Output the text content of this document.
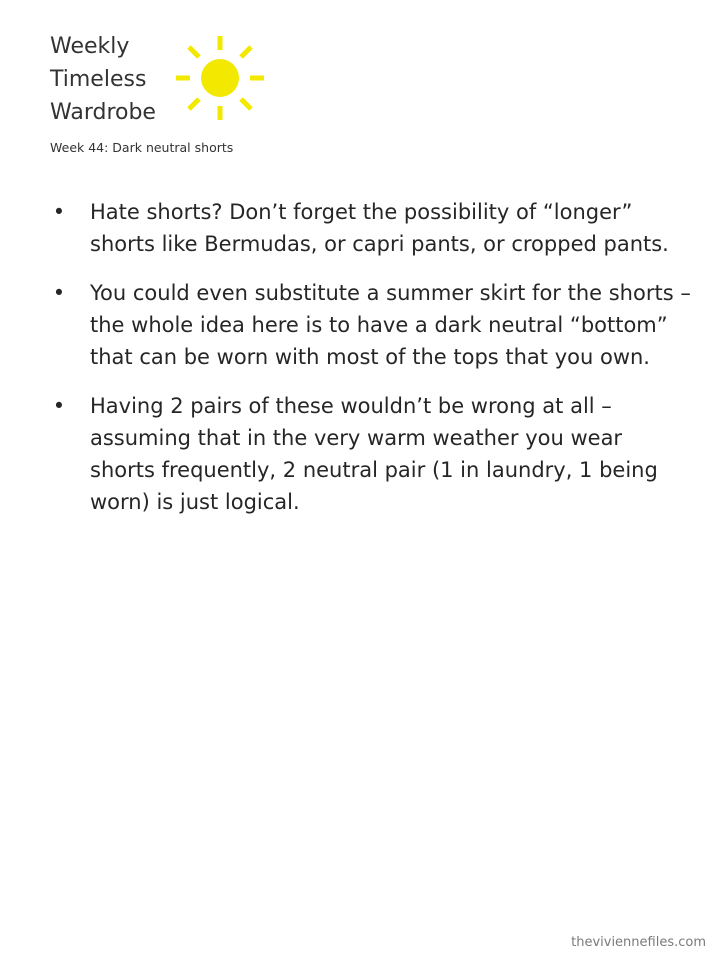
Weekly
Timeless
Wardrobe
Week 44: Dark neutral shorts
• Hate shorts? Don’t forget the possibility of “longer” shorts like Bermudas, or capri pants, or cropped pants.
• You could even substitute a summer skirt for the shorts – the whole idea here is to have a dark neutral “bottom” that can be worn with most of the tops that you own.
• Having 2 pairs of these wouldn’t be wrong at all – assuming that in the very warm weather you wear shorts frequently, 2 neutral pair (1 in laundry, 1 being worn) is just logical.
theviviennefiles.com
